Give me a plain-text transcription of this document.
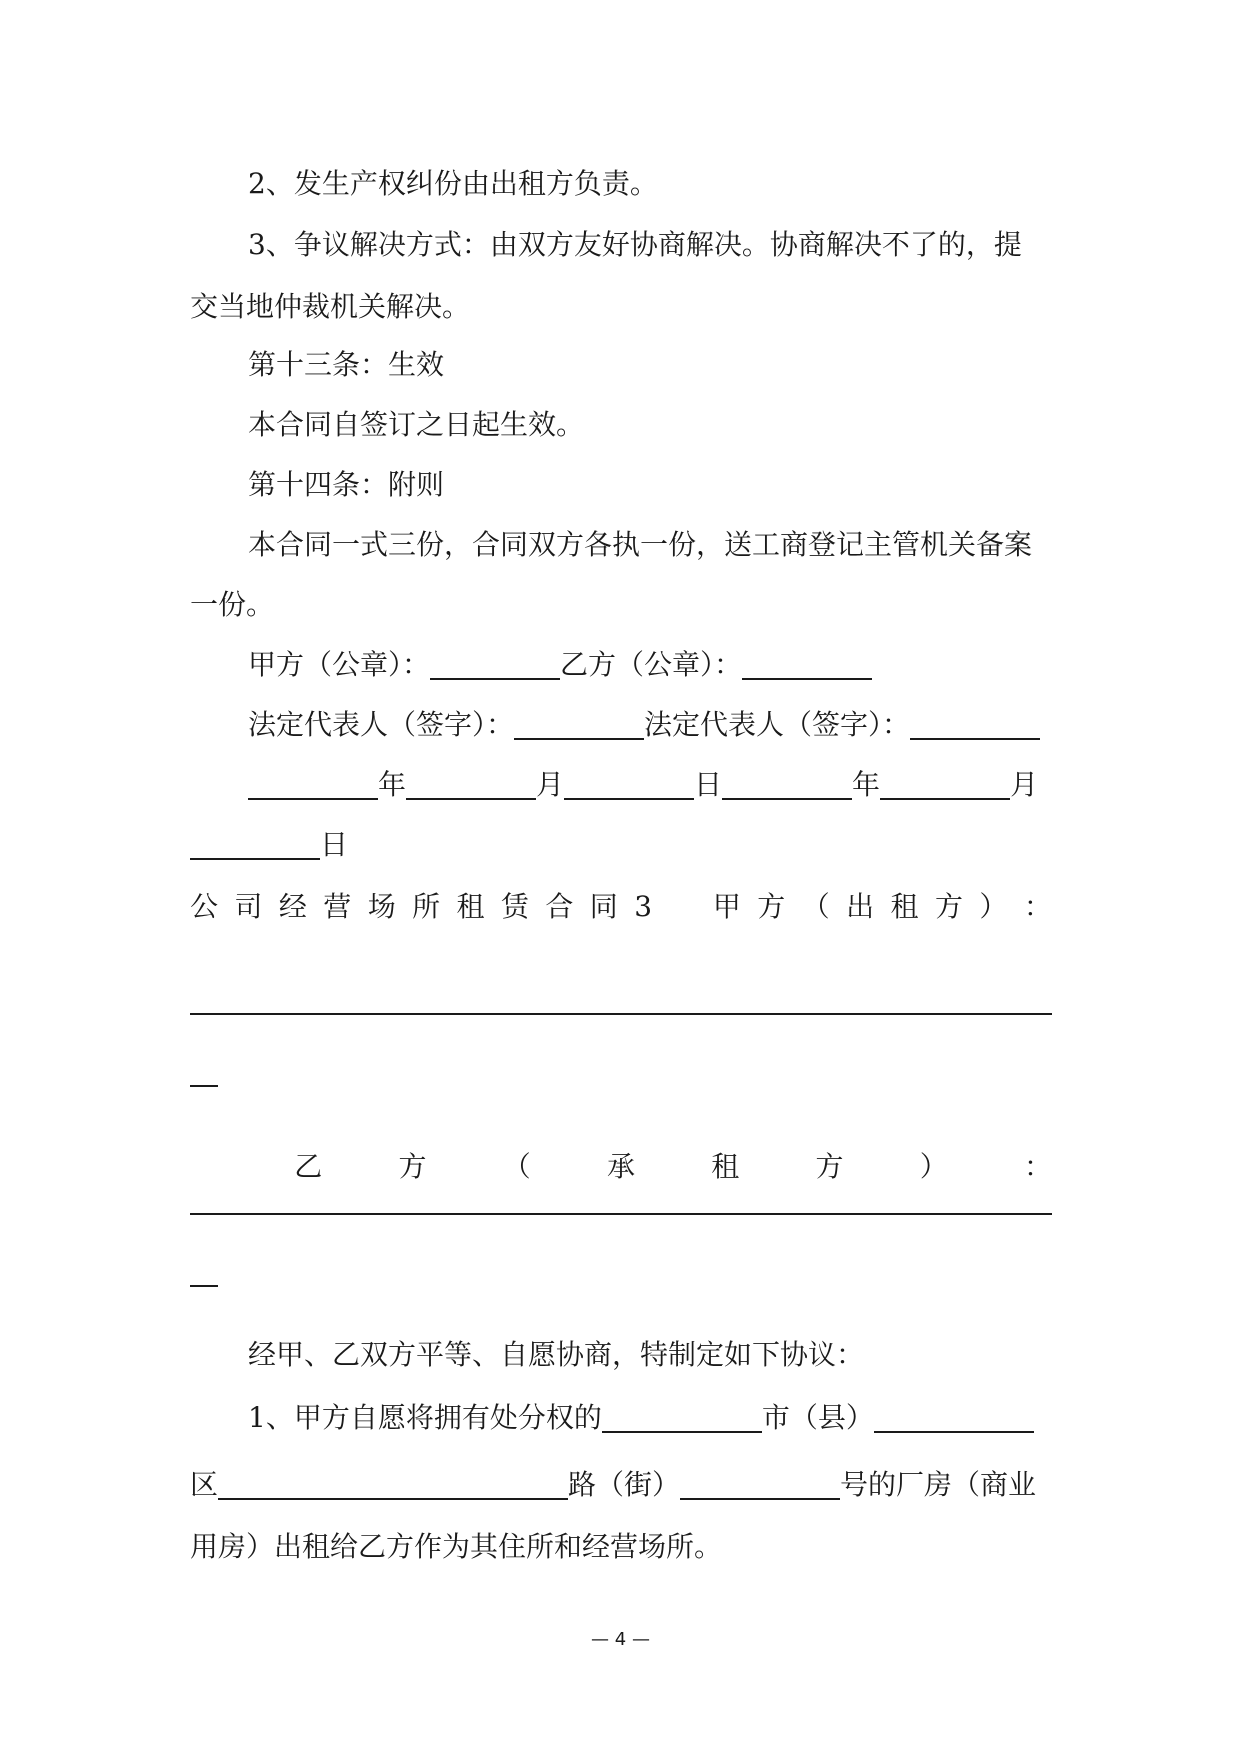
2、发生产权纠份由出租方负责。
3、争议解决方式：由双方友好协商解决。协商解决不了的，提
交当地仲裁机关解决。
第十三条：生效
本合同自签订之日起生效。
第十四条：附则
本合同一式三份，合同双方各执一份，送工商登记主管机关备案
一份。
甲方（公章）：	乙方（公章）：
法定代表人（签字）：	法定代表人（签字）：
年	月	日	年	月
日
公 司 经 营 场 所 租 赁 合 同 3 甲 方 （ 出 租 方 ） ：
乙	方	（	承	租	方	）	：
经甲、乙双方平等、自愿协商，特制定如下协议：
1、甲方自愿将拥有处分权的	市（县）
区	路（街）	号的厂房（商业
用房）出租给乙方作为其住所和经营场所。
— 4 —
